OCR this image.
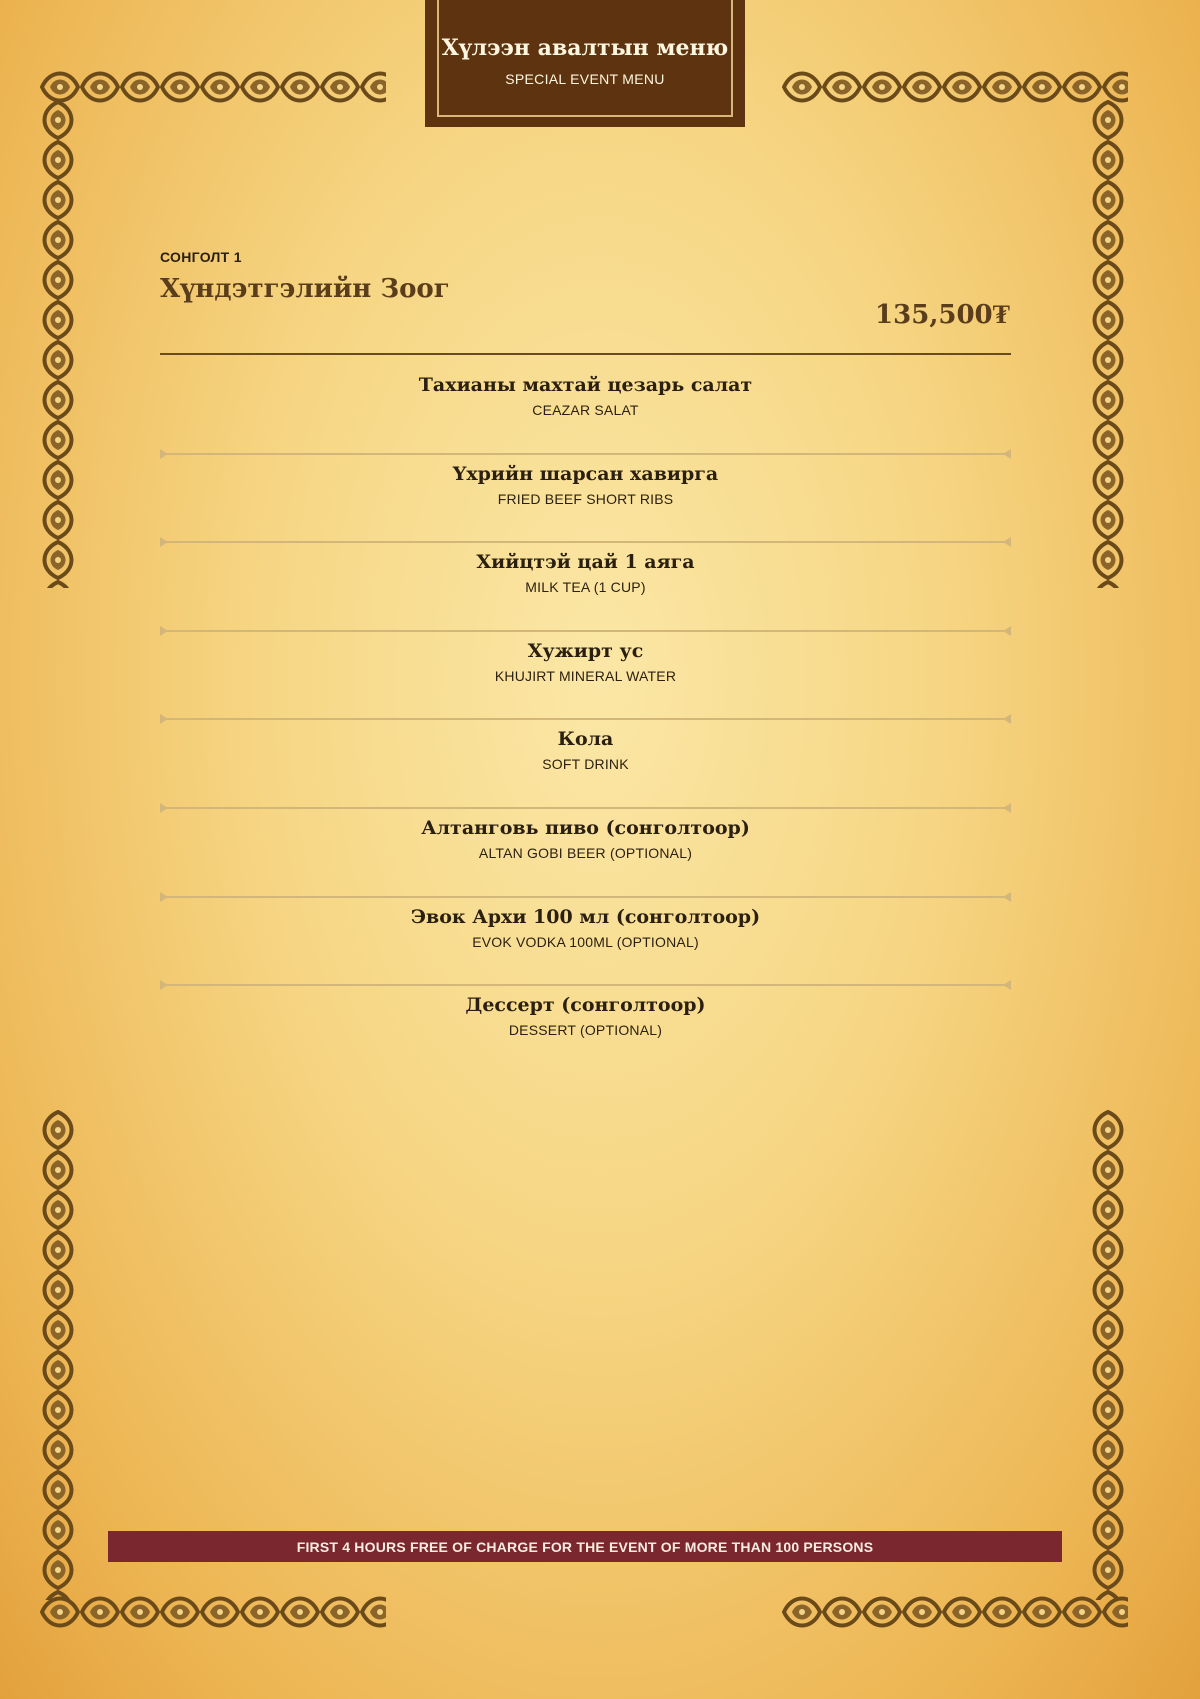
Хүлээн авалтын меню
SPECIAL EVENT MENU
СОНГОЛТ 1
Хүндэтгэлийн Зоог
135,500₮
Тахианы махтай цезарь салат
CEAZAR SALAT
Үхрийн шарсан хавирга
FRIED BEEF SHORT RIBS
Хийцтэй цай 1 аяга
MILK TEA (1 CUP)
Хужирт ус
KHUJIRT MINERAL WATER
Кола
SOFT DRINK
Алтанговь пиво (сонголтоор)
ALTAN GOBI BEER (OPTIONAL)
Эвок Архи 100 мл (сонголтоор)
EVOK VODKA 100ML (OPTIONAL)
Дессерт (сонголтоор)
DESSERT (OPTIONAL)
FIRST 4 HOURS FREE OF CHARGE FOR THE EVENT OF MORE THAN 100 PERSONS
